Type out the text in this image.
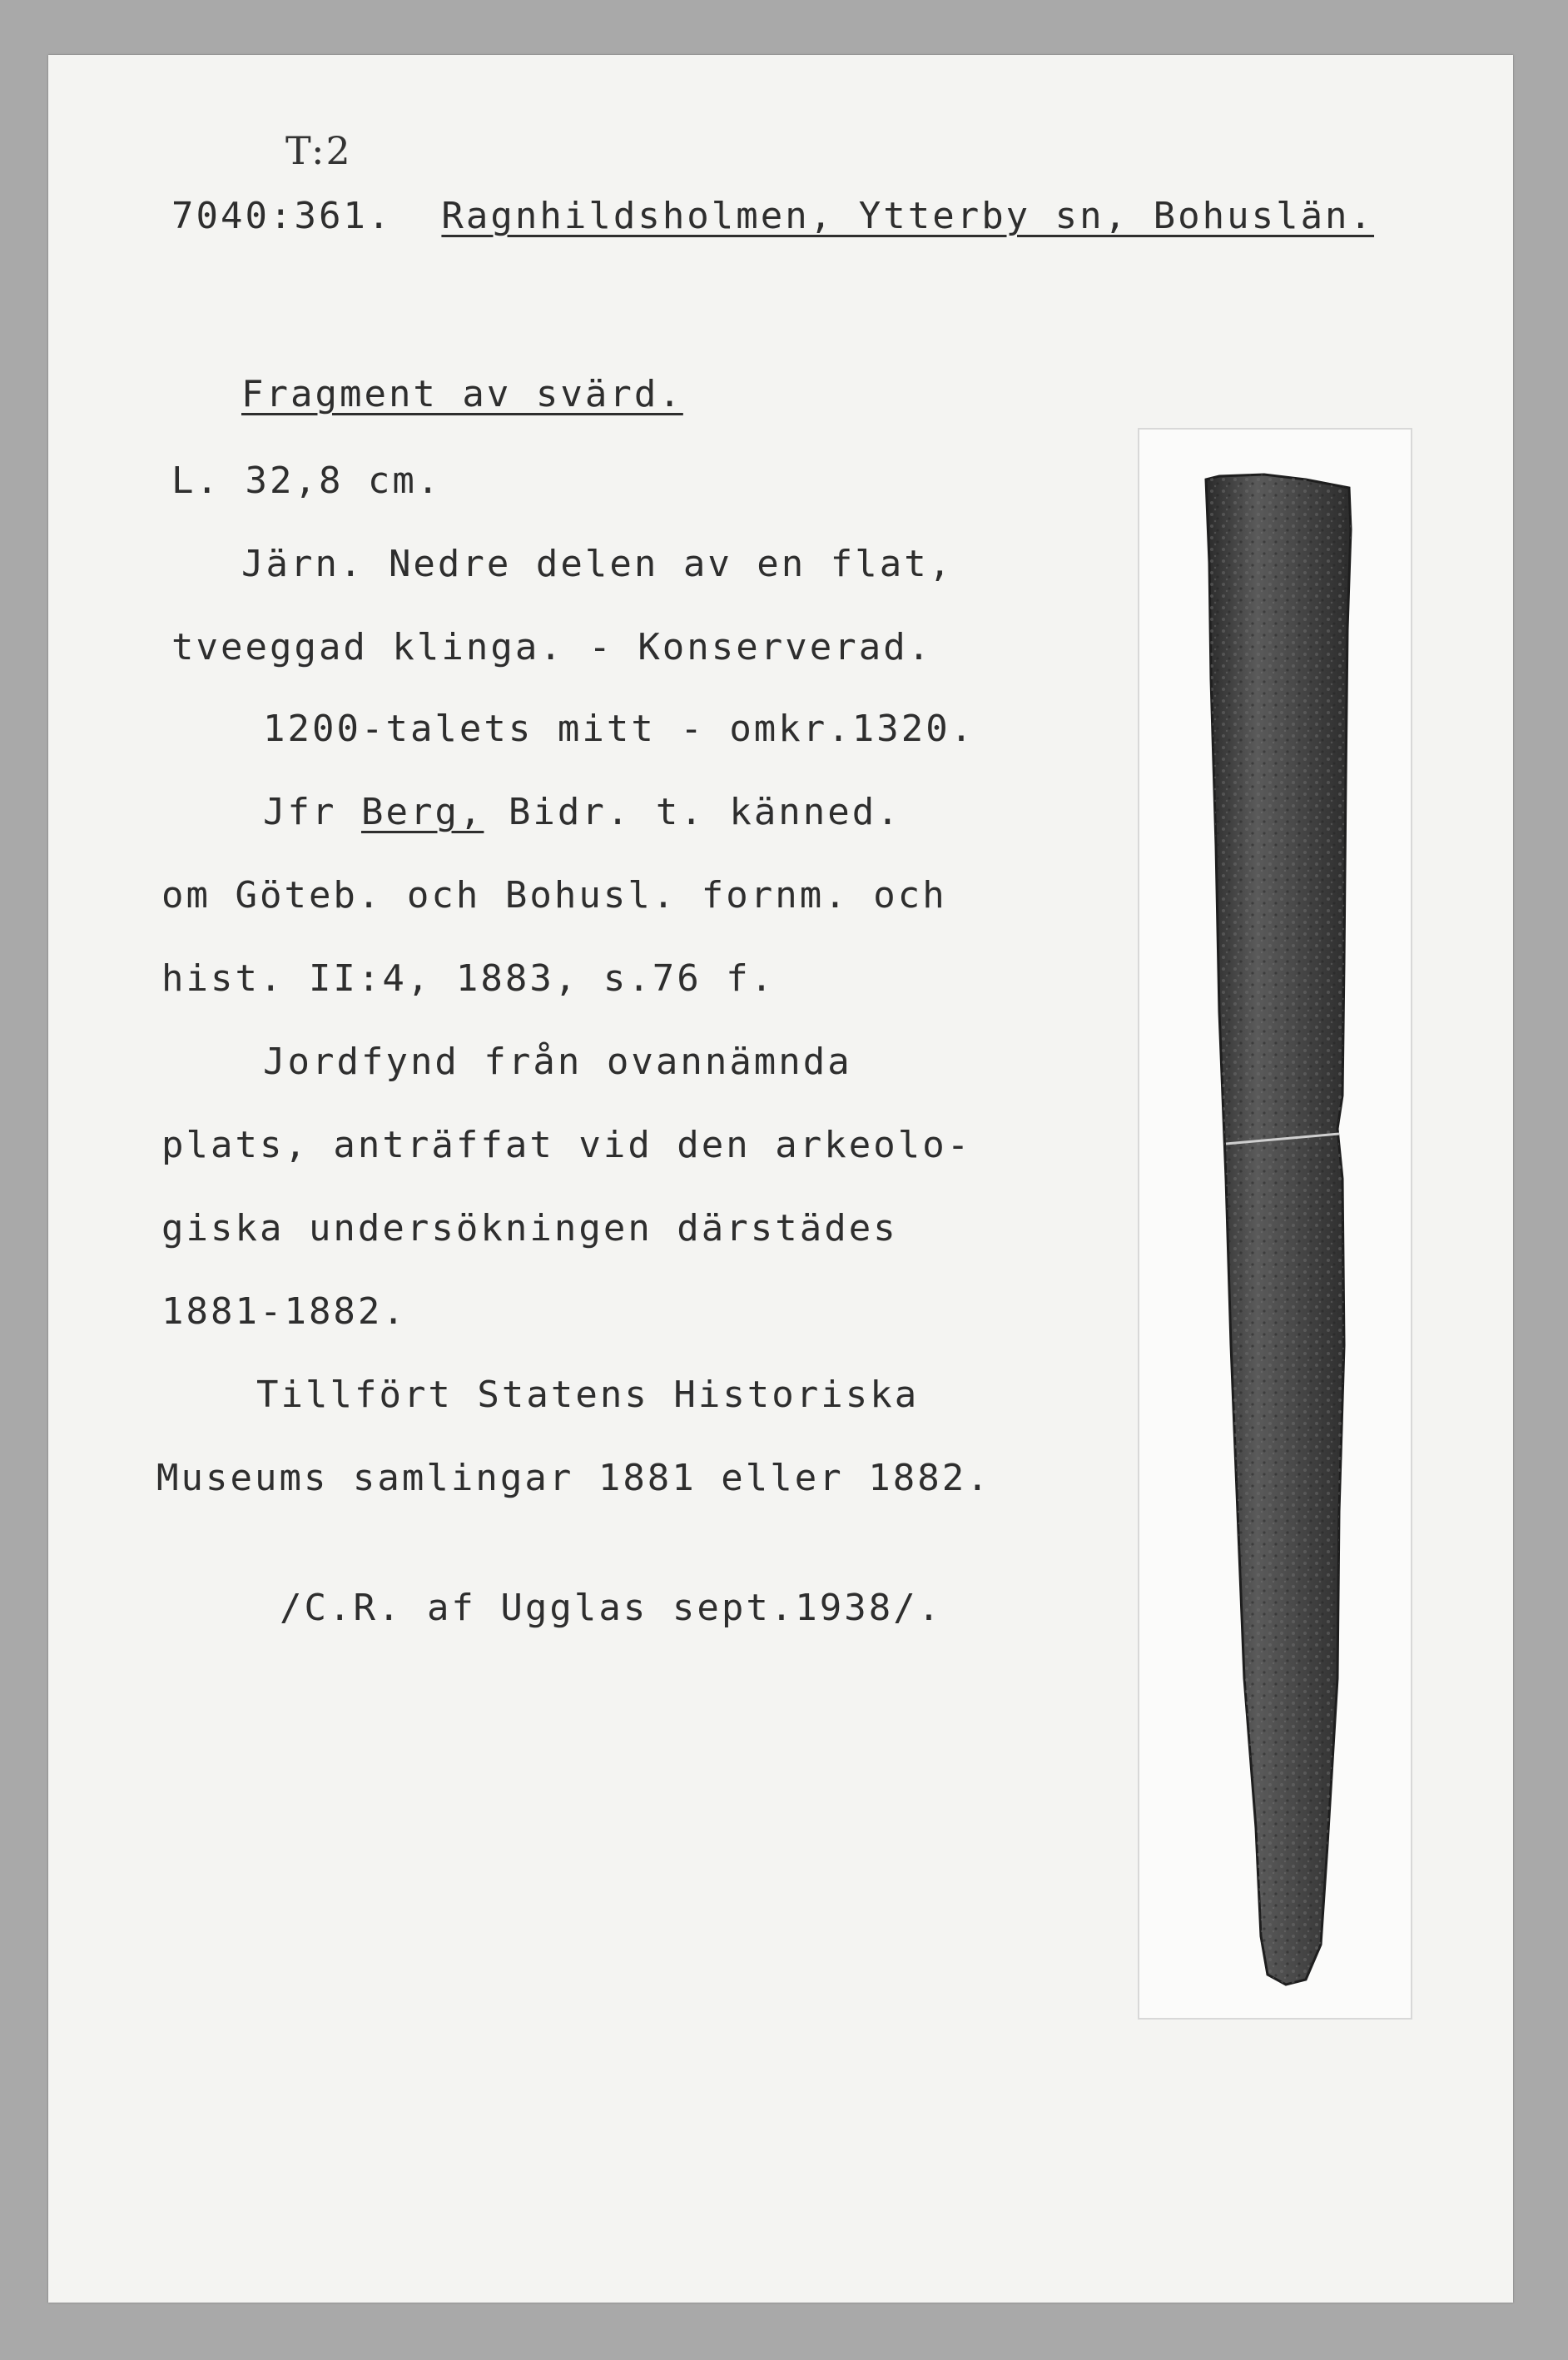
T:2
7040:361. Ragnhildsholmen, Ytterby sn, Bohuslän.
Fragment av svärd.
L. 32,8 cm.
Järn. Nedre delen av en flat,
tveeggad klinga. - Konserverad.
1200-talets mitt - omkr.1320.
Jfr Berg, Bidr. t. känned.
om Göteb. och Bohusl. fornm. och
hist. II:4, 1883, s.76 f.
Jordfynd från ovannämnda
plats, anträffat vid den arkeolo-
giska undersökningen därstädes
1881-1882.
Tillfört Statens Historiska
Museums samlingar 1881 eller 1882.
/C.R. af Ugglas sept.1938/.
